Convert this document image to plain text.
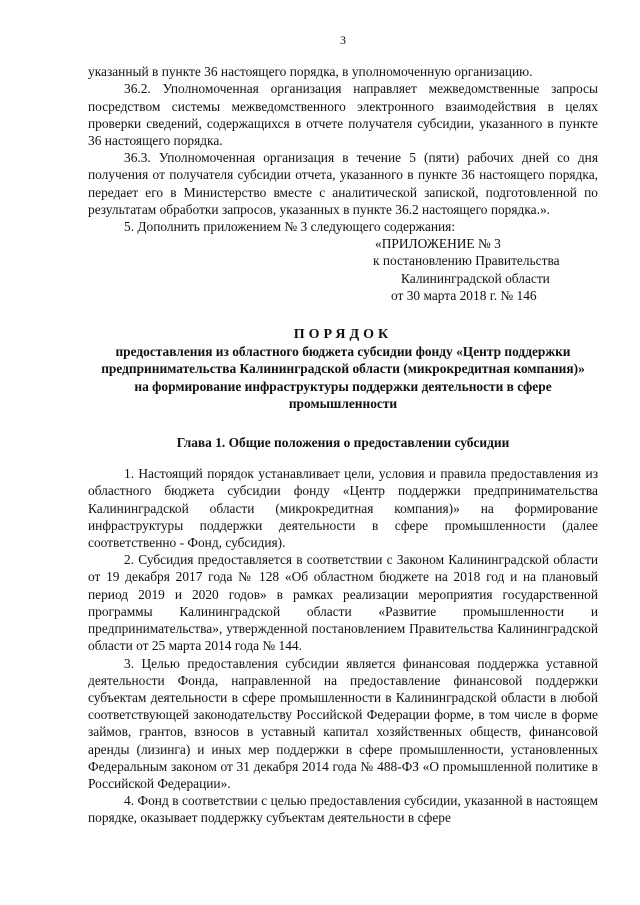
3

указанный в пункте 36 настоящего порядка, в уполномоченную организацию.

36.2. Уполномоченная организация направляет межведомственные запросы посредством системы межведомственного электронного взаимодействия в целях проверки сведений, содержащихся в отчете получателя субсидии, указанного в пункте 36 настоящего порядка.

36.3. Уполномоченная организация в течение 5 (пяти) рабочих дней со дня получения от получателя субсидии отчета, указанного в пункте 36 настоящего порядка, передает его в Министерство вместе с аналитической запиской, подготовленной по результатам обработки запросов, указанных в пункте 36.2 настоящего порядка.».

5. Дополнить приложением № 3 следующего содержания:

«ПРИЛОЖЕНИЕ № 3
к постановлению Правительства
Калининградской области
от 30 марта 2018 г. № 146
ПОРЯДОК
предоставления из областного бюджета субсидии фонду «Центр поддержки предпринимательства Калининградской области (микрокредитная компания)» на формирование инфраструктуры поддержки деятельности в сфере промышленности
Глава 1. Общие положения о предоставлении субсидии

1. Настоящий порядок устанавливает цели, условия и правила предоставления из областного бюджета субсидии фонду «Центр поддержки предпринимательства Калининградской области (микрокредитная компания)» на формирование инфраструктуры поддержки деятельности в сфере промышленности (далее соответственно - Фонд, субсидия).

2. Субсидия предоставляется в соответствии с Законом Калининградской области от 19 декабря 2017 года № 128 «Об областном бюджете на 2018 год и на плановый период 2019 и 2020 годов» в рамках реализации мероприятия государственной программы Калининградской области «Развитие промышленности и предпринимательства», утвержденной постановлением Правительства Калининградской области от 25 марта 2014 года № 144.

3. Целью предоставления субсидии является финансовая поддержка уставной деятельности Фонда, направленной на предоставление финансовой поддержки субъектам деятельности в сфере промышленности в Калининградской области в любой соответствующей законодательству Российской Федерации форме, в том числе в форме займов, грантов, взносов в уставный капитал хозяйственных обществ, финансовой аренды (лизинга) и иных мер поддержки в сфере промышленности, установленных Федеральным законом от 31 декабря 2014 года № 488-ФЗ «О промышленной политике в Российской Федерации».

4. Фонд в соответствии с целью предоставления субсидии, указанной в настоящем порядке, оказывает поддержку субъектам деятельности в сфере
